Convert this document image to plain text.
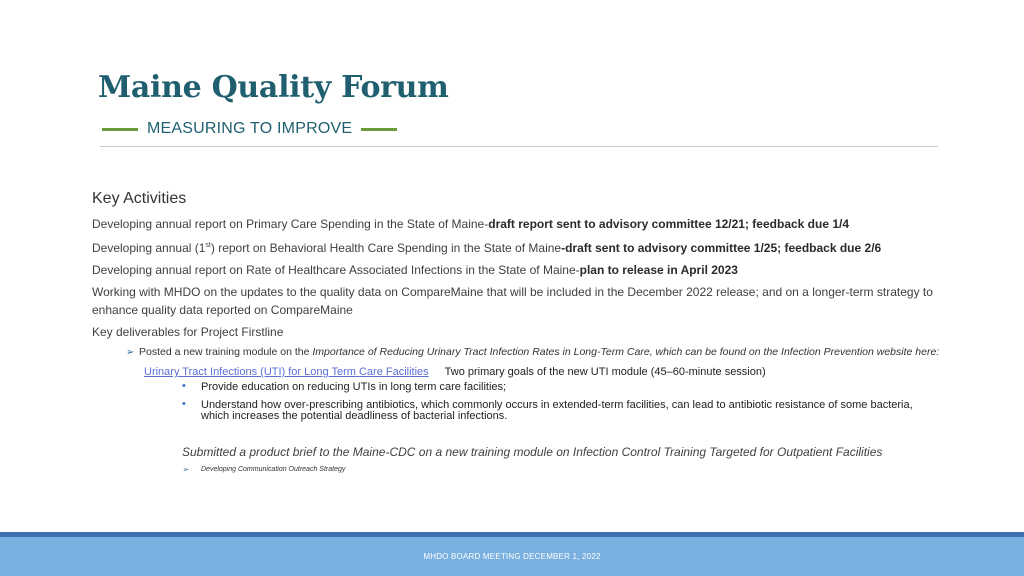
Maine Quality Forum
MEASURING TO IMPROVE
Key Activities
Developing annual report on Primary Care Spending in the State of Maine-draft report sent to advisory committee 12/21; feedback due 1/4
Developing annual (1st) report on Behavioral Health Care Spending in the State of Maine-draft sent to advisory committee 1/25; feedback due 2/6
Developing annual report on Rate of Healthcare Associated Infections in the State of Maine-plan to release in April 2023
Working with MHDO on the updates to the quality data on CompareMaine that will be included in the December 2022 release; and on a longer-term strategy to enhance quality data reported on CompareMaine
Key deliverables for Project Firstline
➢ Posted a new training module on the Importance of Reducing Urinary Tract Infection Rates in Long-Term Care, which can be found on the Infection Prevention website here:
Urinary Tract Infections (UTI) for Long Term Care Facilities Two primary goals of the new UTI module (45–60-minute session)
• Provide education on reducing UTIs in long term care facilities;
• Understand how over-prescribing antibiotics, which commonly occurs in extended-term facilities, can lead to antibiotic resistance of some bacteria, which increases the potential deadliness of bacterial infections.
Submitted a product brief to the Maine-CDC on a new training module on Infection Control Training Targeted for Outpatient Facilities
➢ Developing Communication Outreach Strategy
MHDO BOARD MEETING DECEMBER 1, 2022
